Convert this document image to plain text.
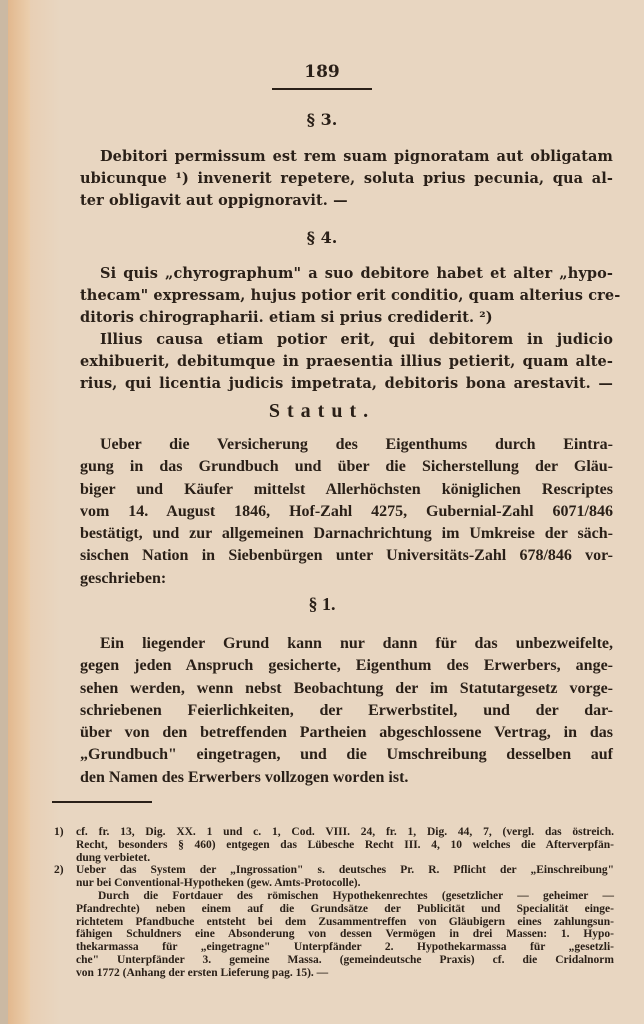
189
§ 3.
Debitori permissum est rem suam pignoratam aut obligatam
ubicunque ¹) invenerit repetere, soluta prius pecunia, qua al-
ter obligavit aut oppignoravit. —
§ 4.
Si quis „chyrographum" a suo debitore habet et alter „hypo-
thecam" expressam, hujus potior erit conditio, quam alterius cre-
ditoris chirographarii. etiam si prius crediderit. ²)
Illius causa etiam potior erit, qui debitorem in judicio
exhibuerit, debitumque in praesentia illius petierit, quam alte-
rius, qui licentia judicis impetrata, debitoris bona arestavit. —
Statut.
Ueber die Versicherung des Eigenthums durch Eintra-
gung in das Grundbuch und über die Sicherstellung der Gläu-
biger und Käufer mittelst Allerhöchsten königlichen Rescriptes
vom 14. August 1846, Hof-Zahl 4275, Gubernial-Zahl 6071/846
bestätigt, und zur allgemeinen Darnachrichtung im Umkreise der säch-
sischen Nation in Siebenbürgen unter Universitäts-Zahl 678/846 vor-
geschrieben:
§ 1.
Ein liegender Grund kann nur dann für das unbezweifelte,
gegen jeden Anspruch gesicherte, Eigenthum des Erwerbers, ange-
sehen werden, wenn nebst Beobachtung der im Statutargesetz vorge-
schriebenen Feierlichkeiten, der Erwerbstitel, und der dar-
über von den betreffenden Partheien abgeschlossene Vertrag, in das
„Grundbuch" eingetragen, und die Umschreibung desselben auf
den Namen des Erwerbers vollzogen worden ist.
1)	cf. fr. 13, Dig. XX. 1 und c. 1, Cod. VIII. 24, fr. 1, Dig. 44, 7, (vergl. das östreich.
Recht, besonders § 460) entgegen das Lübesche Recht III. 4, 10 welches die Afterverpfän-
dung verbietet.
2)	Ueber das System der „Ingrossation" s. deutsches Pr. R. Pflicht der „Einschreibung"
nur bei Conventional-Hypotheken (gew. Amts-Protocolle).
Durch die Fortdauer des römischen Hypothekenrechtes (gesetzlicher — geheimer —
Pfandrechte) neben einem auf die Grundsätze der Publicität und Specialität einge-
richtetem Pfandbuche entsteht bei dem Zusammentreffen von Gläubigern eines zahlungsun-
fähigen Schuldners eine Absonderung von dessen Vermögen in drei Massen: 1. Hypo-
thekarmassa für „eingetragne" Unterpfänder 2. Hypothekarmassa für „gesetzli-
che" Unterpfänder 3. gemeine Massa. (gemeindeutsche Praxis) cf. die Cridalnorm
von 1772 (Anhang der ersten Lieferung pag. 15). —
